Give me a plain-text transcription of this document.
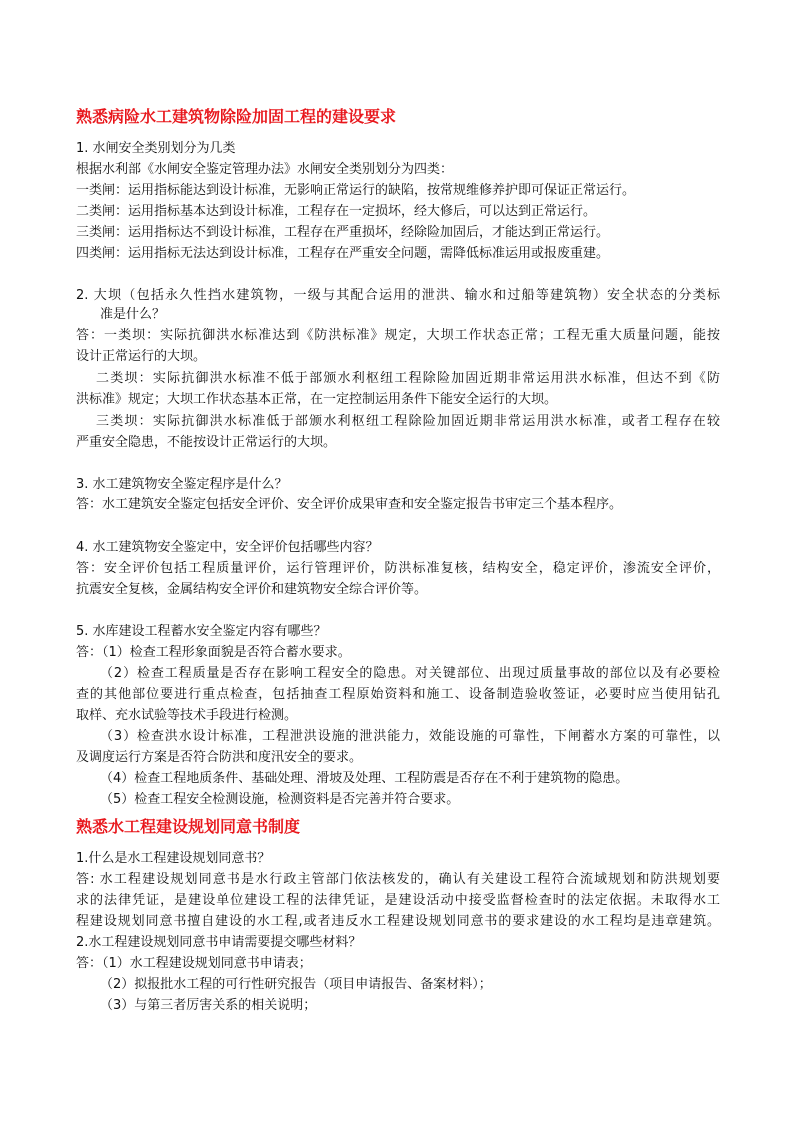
熟悉病险水工建筑物除险加固工程的建设要求
1. 水闸安全类别划分为几类
根据水利部《水闸安全鉴定管理办法》水闸安全类别划分为四类：
一类闸：运用指标能达到设计标准，无影响正常运行的缺陷，按常规维修养护即可保证正常运行。
二类闸：运用指标基本达到设计标准，工程存在一定损坏，经大修后，可以达到正常运行。
三类闸：运用指标达不到设计标准，工程存在严重损坏，经除险加固后，才能达到正常运行。
四类闸：运用指标无法达到设计标准，工程存在严重安全问题，需降低标准运用或报废重建。
2. 大坝（包括永久性挡水建筑物，一级与其配合运用的泄洪、输水和过船等建筑物）安全状态的分类标
准是什么？
答：一类坝：实际抗御洪水标准达到《防洪标准》规定，大坝工作状态正常；工程无重大质量问题，能按
设计正常运行的大坝。
二类坝：实际抗御洪水标准不低于部颁水利枢纽工程除险加固近期非常运用洪水标准，但达不到《防
洪标准》规定；大坝工作状态基本正常，在一定控制运用条件下能安全运行的大坝。
三类坝：实际抗御洪水标准低于部颁水利枢纽工程除险加固近期非常运用洪水标准，或者工程存在较
严重安全隐患，不能按设计正常运行的大坝。
3. 水工建筑物安全鉴定程序是什么？
答：水工建筑安全鉴定包括安全评价、安全评价成果审查和安全鉴定报告书审定三个基本程序。
4. 水工建筑物安全鉴定中，安全评价包括哪些内容？
答：安全评价包括工程质量评价，运行管理评价，防洪标准复核，结构安全，稳定评价，渗流安全评价，
抗震安全复核，金属结构安全评价和建筑物安全综合评价等。
5. 水库建设工程蓄水安全鉴定内容有哪些？
答：（1）检查工程形象面貌是否符合蓄水要求。
（2）检查工程质量是否存在影响工程安全的隐患。对关键部位、出现过质量事故的部位以及有必要检
查的其他部位要进行重点检查，包括抽查工程原始资料和施工、设备制造验收签证，必要时应当使用钻孔
取样、充水试验等技术手段进行检测。
（3）检查洪水设计标准，工程泄洪设施的泄洪能力，效能设施的可靠性，下闸蓄水方案的可靠性，以
及调度运行方案是否符合防洪和度汛安全的要求。
（4）检查工程地质条件、基础处理、滑坡及处理、工程防震是否存在不利于建筑物的隐患。
（5）检查工程安全检测设施，检测资料是否完善并符合要求。
熟悉水工程建设规划同意书制度
1.什么是水工程建设规划同意书？
答: 水工程建设规划同意书是水行政主管部门依法核发的，确认有关建设工程符合流域规划和防洪规划要
求的法律凭证，是建设单位建设工程的法律凭证，是建设活动中接受监督检查时的法定依据。未取得水工
程建设规划同意书擅自建设的水工程,或者违反水工程建设规划同意书的要求建设的水工程均是违章建筑。
2.水工程建设规划同意书申请需要提交哪些材料？
答：（1）水工程建设规划同意书申请表；
（2）拟报批水工程的可行性研究报告（项目申请报告、备案材料）；
（3）与第三者厉害关系的相关说明；
